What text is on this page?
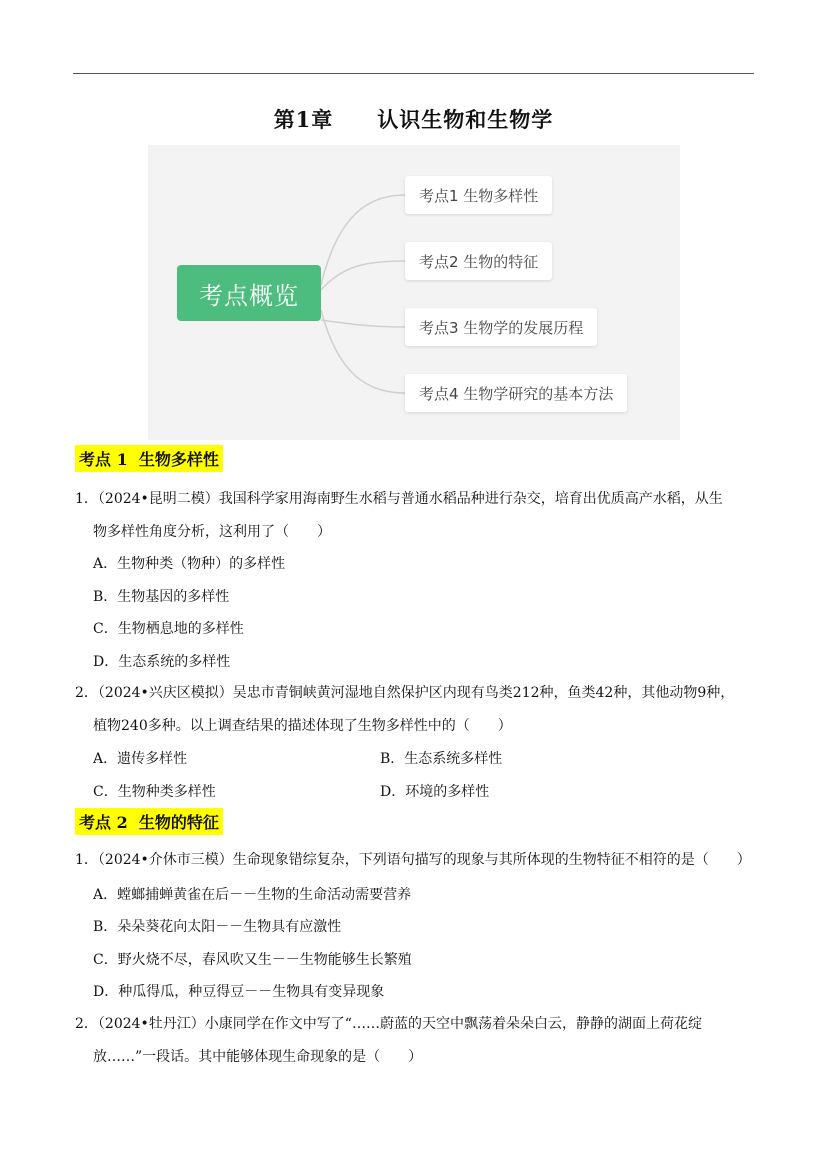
第1章　　认识生物和生物学
考点概览
考点1 生物多样性
考点2 生物的特征
考点3 生物学的发展历程
考点4 生物学研究的基本方法
考点 1  生物多样性
1．（2024•昆明二模）我国科学家用海南野生水稻与普通水稻品种进行杂交，培育出优质高产水稻，从生
物多样性角度分析，这利用了（　　）
A．生物种类（物种）的多样性
B．生物基因的多样性
C．生物栖息地的多样性
D．生态系统的多样性
2．（2024•兴庆区模拟）吴忠市青铜峡黄河湿地自然保护区内现有鸟类212种，鱼类42种，其他动物9种，
植物240多种。以上调查结果的描述体现了生物多样性中的（　　）
A．遗传多样性	B．生态系统多样性
C．生物种类多样性	D．环境的多样性
考点 2  生物的特征
1．（2024•介休市三模）生命现象错综复杂，下列语句描写的现象与其所体现的生物特征不相符的是（　　）
A．螳螂捕蝉黄雀在后－－生物的生命活动需要营养
B．朵朵葵花向太阳－－生物具有应激性
C．野火烧不尽，春风吹又生－－生物能够生长繁殖
D．种瓜得瓜，种豆得豆－－生物具有变异现象
2．（2024•牡丹江）小康同学在作文中写了“……蔚蓝的天空中飘荡着朵朵白云，静静的湖面上荷花绽
放……”一段话。其中能够体现生命现象的是（　　）
